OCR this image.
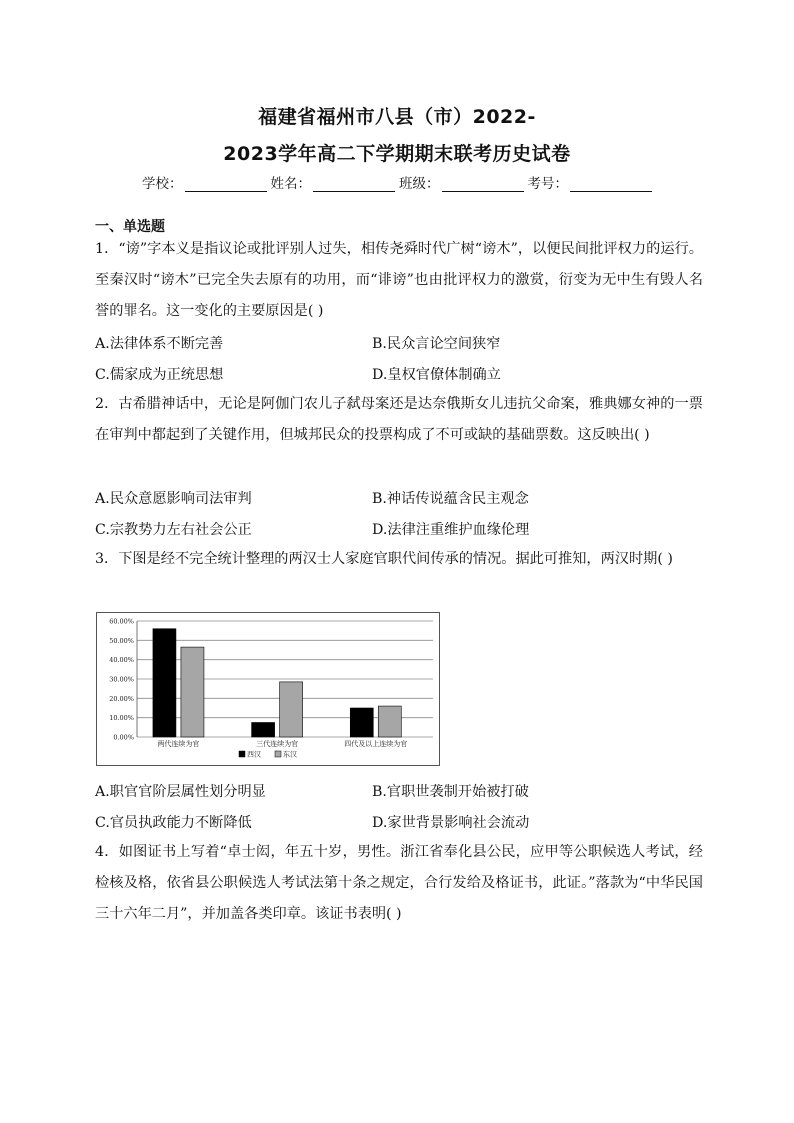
福建省福州市八县（市）2022-
2023学年高二下学期期末联考历史试卷
学校：	姓名：	班级：	考号：
一、单选题
1．“谤”字本义是指议论或批评别人过失，相传尧舜时代广树“谤木”，以便民间批评权力的运行。至秦汉时“谤木”已完全失去原有的功用，而“诽谤”也由批评权力的激赏，衍变为无中生有毁人名誉的罪名。这一变化的主要原因是( )
A.法律体系不断完善	B.民众言论空间狭窄
C.儒家成为正统思想	D.皇权官僚体制确立
2．古希腊神话中，无论是阿伽门农儿子弑母案还是达奈俄斯女儿违抗父命案，雅典娜女神的一票在审判中都起到了关键作用，但城邦民众的投票构成了不可或缺的基础票数。这反映出( )
A.民众意愿影响司法审判	B.神话传说蕴含民主观念
C.宗教势力左右社会公正	D.法律注重维护血缘伦理
3．下图是经不完全统计整理的两汉士人家庭官职代间传承的情况。据此可推知，两汉时期( )
0.00%
10.00%
20.00%
30.00%
40.00%
50.00%
60.00%
两代连续为官	三代连续为官	四代及以上连续为官
西汉	东汉
A.职官官阶层属性划分明显	B.官职世袭制开始被打破
C.官员执政能力不断降低	D.家世背景影响社会流动
4．如图证书上写着“卓士闳，年五十岁，男性。浙江省奉化县公民，应甲等公职候选人考试，经检核及格，依省县公职候选人考试法第十条之规定，合行发给及格证书，此证。”落款为“中华民国三十六年二月”，并加盖各类印章。该证书表明( )
